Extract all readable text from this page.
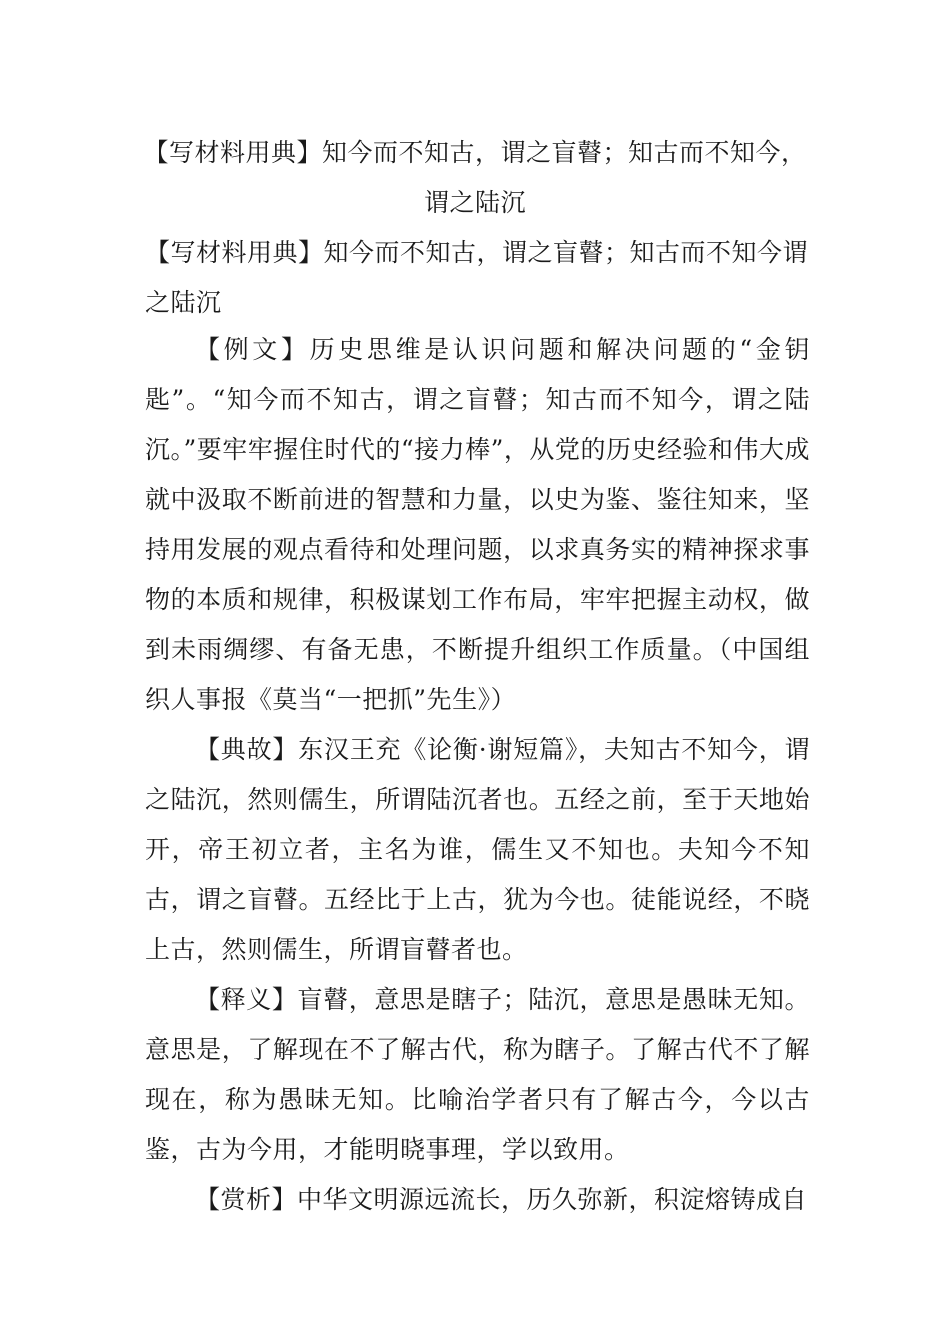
【写材料用典】知今而不知古，谓之盲瞽；知古而不知今，谓之陆沉
【写材料用典】知今而不知古，谓之盲瞽；知古而不知今谓之陆沉

【例文】历史思维是认识问题和解决问题的“金钥匙”。“知今而不知古，谓之盲瞽；知古而不知今，谓之陆沉。”要牢牢握住时代的“接力棒”，从党的历史经验和伟大成就中汲取不断前进的智慧和力量，以史为鉴、鉴往知来，坚持用发展的观点看待和处理问题，以求真务实的精神探求事物的本质和规律，积极谋划工作布局，牢牢把握主动权，做到未雨绸缪、有备无患，不断提升组织工作质量。（中国组织人事报《莫当“一把抓”先生》）

【典故】东汉王充《论衡·谢短篇》，夫知古不知今，谓之陆沉，然则儒生，所谓陆沉者也。五经之前，至于天地始开，帝王初立者，主名为谁，儒生又不知也。夫知今不知古，谓之盲瞽。五经比于上古，犹为今也。徒能说经，不晓上古，然则儒生，所谓盲瞽者也。

【释义】盲瞽，意思是瞎子；陆沉，意思是愚昧无知。意思是，了解现在不了解古代，称为瞎子。了解古代不了解现在，称为愚昧无知。比喻治学者只有了解古今，今以古鉴，古为今用，才能明晓事理，学以致用。

【赏析】中华文明源远流长，历久弥新，积淀熔铸成自
